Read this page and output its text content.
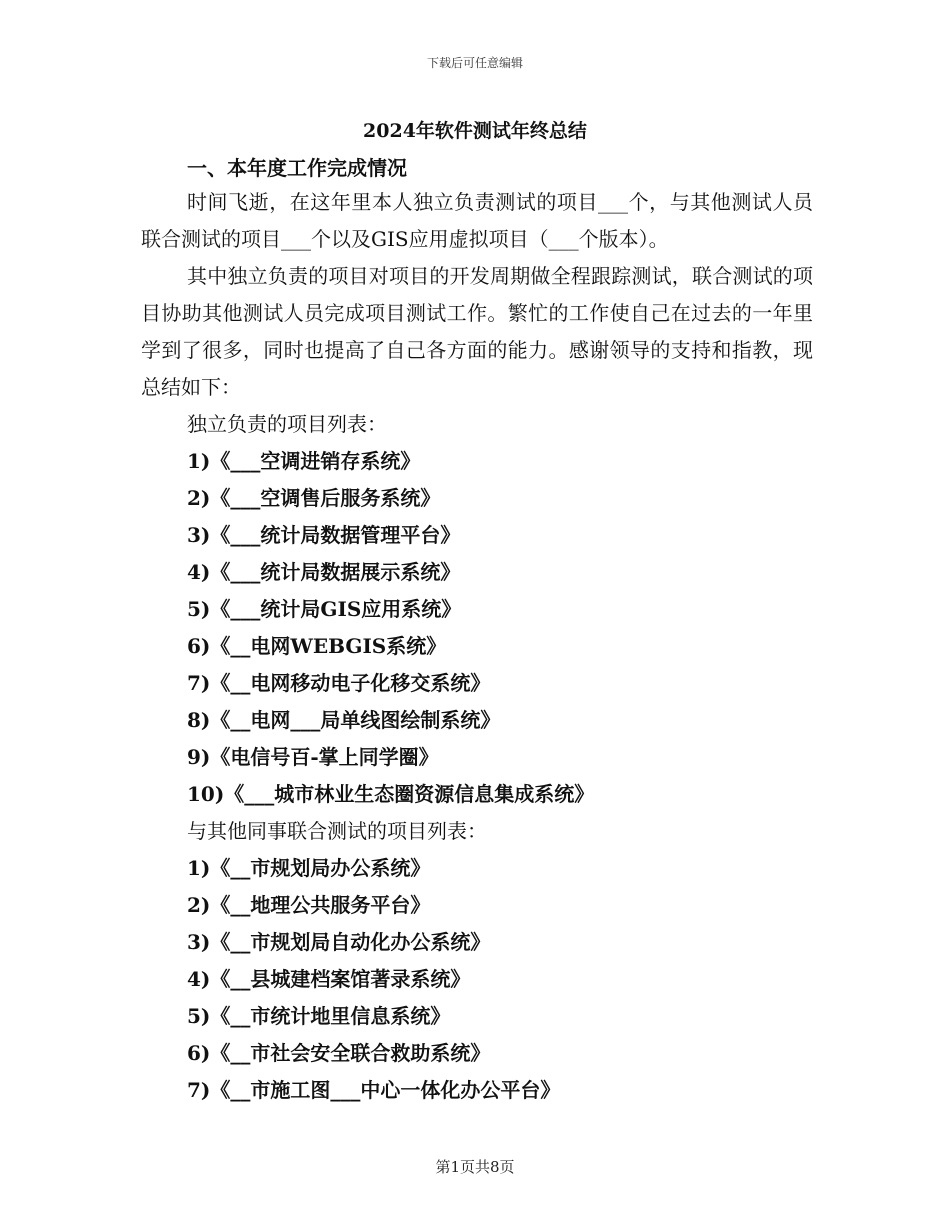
下载后可任意编辑
2024年软件测试年终总结
一、本年度工作完成情况

时间飞逝，在这年里本人独立负责测试的项目___个，与其他测试人员联合测试的项目___个以及GIS应用虚拟项目（___个版本）。

其中独立负责的项目对项目的开发周期做全程跟踪测试，联合测试的项目协助其他测试人员完成项目测试工作。繁忙的工作使自己在过去的一年里学到了很多，同时也提高了自己各方面的能力。感谢领导的支持和指教，现总结如下：

独立负责的项目列表：
1)《___空调进销存系统》
2)《___空调售后服务系统》
3)《___统计局数据管理平台》
4)《___统计局数据展示系统》
5)《___统计局GIS应用系统》
6)《__电网WEBGIS系统》
7)《__电网移动电子化移交系统》
8)《__电网___局单线图绘制系统》
9)《电信号百-掌上同学圈》
10)《___城市林业生态圈资源信息集成系统》
与其他同事联合测试的项目列表：
1)《__市规划局办公系统》
2)《__地理公共服务平台》
3)《__市规划局自动化办公系统》
4)《__县城建档案馆著录系统》
5)《__市统计地里信息系统》
6)《__市社会安全联合救助系统》
7)《__市施工图___中心一体化办公平台》
第1页共8页
